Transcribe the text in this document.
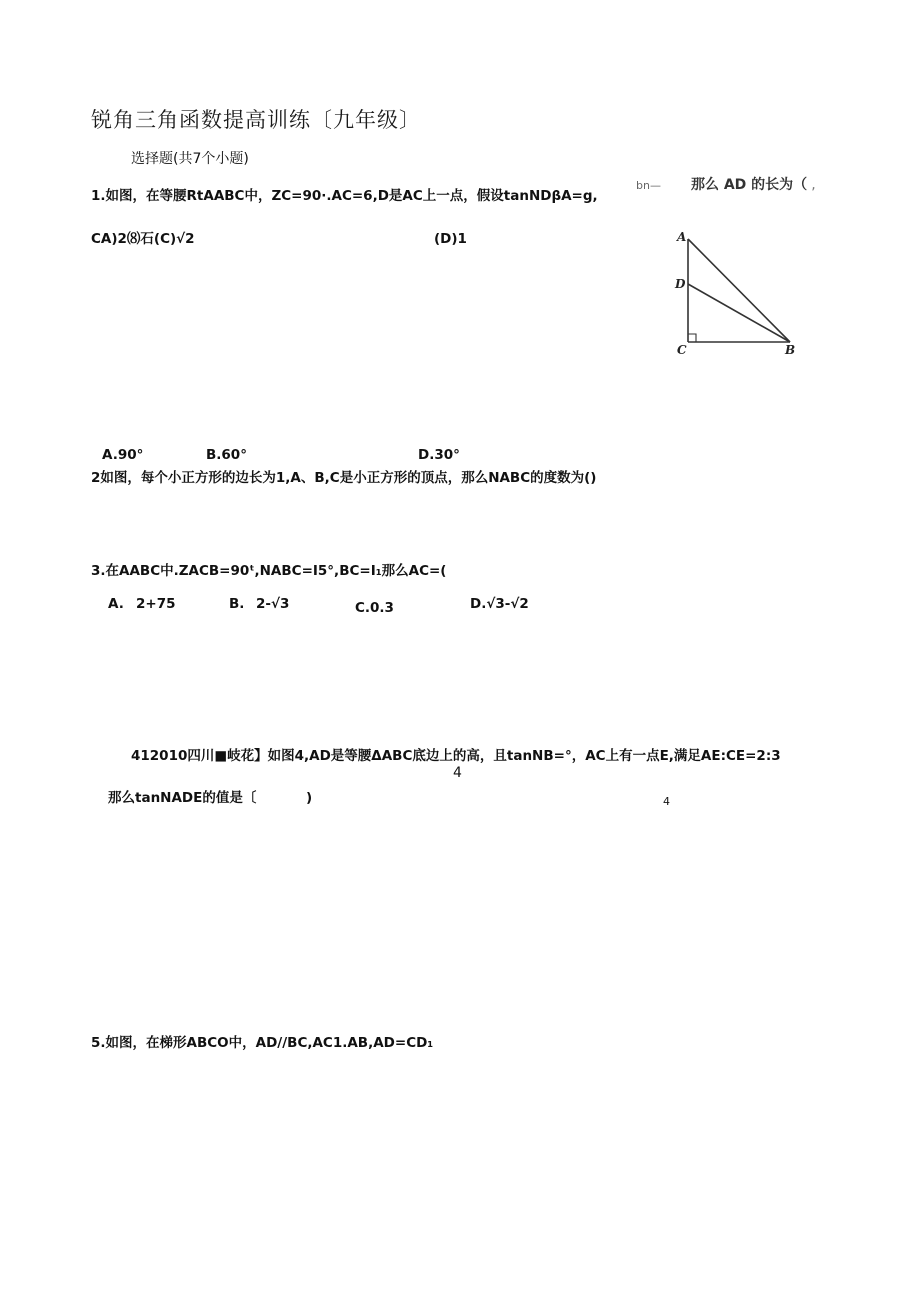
锐角三角函数提高训练〔九年级〕
选择题(共7个小题)
1.如图，在等腰RtAABC中，ZC=90·.AC=6,D是AC上一点，假设tanNDβA=g,
bn— 那么 AD 的长为（ ,
CA)2⑻石(C)√2	(D)1	A
D
C	B
A.90°	B.60°	D.30°
2如图，每个小正方形的边长为1,A、B,C是小正方形的顶点，那么NABC的度数为()
3.在AABC中.ZACB=90ᵗ,NABC=I5°,BC=I₁那么AC=(
A. 2+75	B. 2-√3	C.0.3	D.√3-√2
412010四川■岐花】如图4,AD是等腰ΔABC底边上的高，且tanNB=°，AC上有一点E,满足AE:CE=2:3
4
那么tanNADE的值是〔	)	4
5.如图，在梯形ABCO中，AD//BC,AC1.AB,AD=CD₁
